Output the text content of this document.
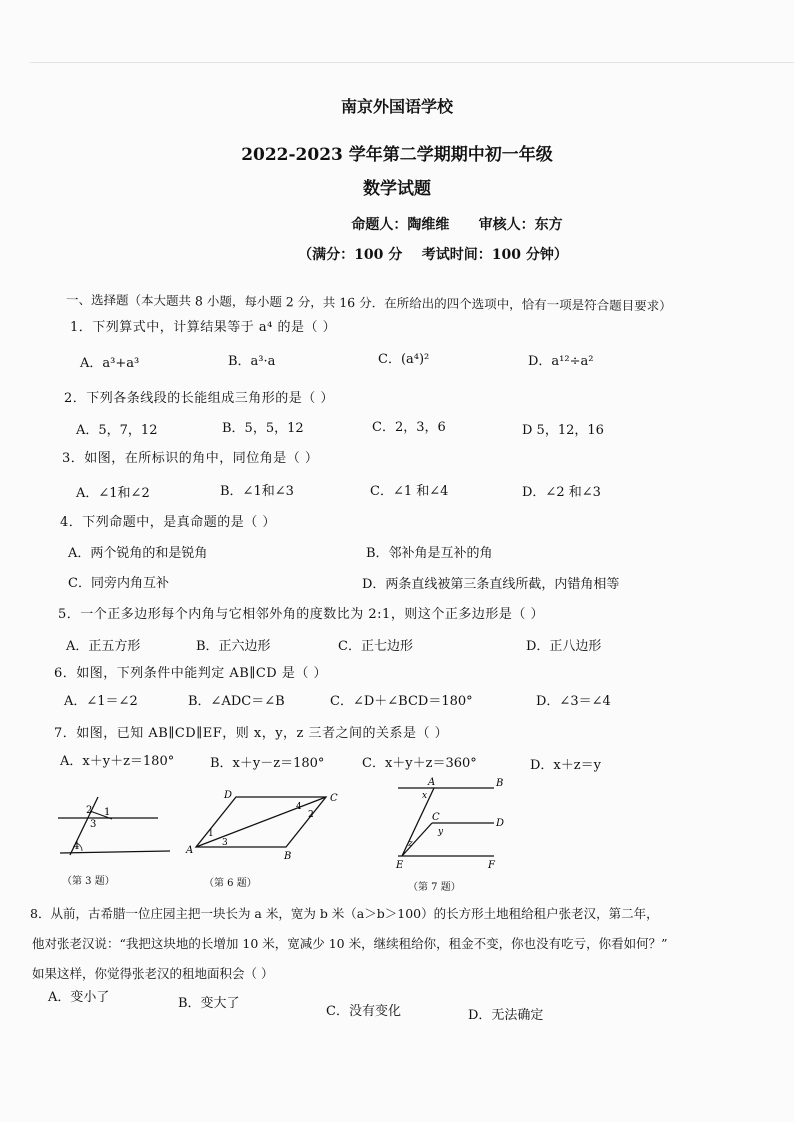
南京外国语学校
2022-2023 学年第二学期期中初一年级
数学试题
命题人：陶维维      审核人：东方
（满分：100 分    考试时间：100 分钟）
一、选择题（本大题共 8 小题，每小题 2 分，共 16 分．在所给出的四个选项中，恰有一项是符合题目要求）
1．下列算式中，计算结果等于 a⁴ 的是（ ）
A．a³+a³	B．a³·a	C．(a⁴)²	D．a¹²÷a²
2．下列各条线段的长能组成三角形的是（ ）
A．5，7，12	B．5，5，12	C．2，3，6	D 5，12，16
3．如图，在所标识的角中，同位角是（ ）
A．∠1和∠2	B．∠1和∠3	C．∠1 和∠4	D．∠2 和∠3
4．下列命题中，是真命题的是（ ）
A．两个锐角的和是锐角	B．邻补角是互补的角
C．同旁内角互补	D．两条直线被第三条直线所截，内错角相等
5．一个正多边形每个内角与它相邻外角的度数比为 2:1，则这个正多边形是（ ）
A．正五方形	B．正六边形	C．正七边形	D．正八边形
6．如图，下列条件中能判定 AB∥CD 是（ ）
A．∠1＝∠2	B．∠ADC＝∠B	C．∠D＋∠BCD＝180°	D．∠3＝∠4
7．如图，已知 AB∥CD∥EF，则 x，y，z 三者之间的关系是（ ）
A．x＋y＋z＝180°	B．x＋y－z＝180°	C．x＋y＋z＝360°	D．x＋z＝y
2 1
3
4
（第 3 题）
D	C
A
B
4
2
1
3
（第 6 题）
A	B
C
D
E	F
x
y
z
（第 7 题）
8．从前，古希腊一位庄园主把一块长为 a 米，宽为 b 米（a＞b＞100）的长方形土地租给租户张老汉，第二年，
他对张老汉说：“我把这块地的长增加 10 米，宽减少 10 米，继续租给你，租金不变，你也没有吃亏，你看如何？”
如果这样，你觉得张老汉的租地面积会（ ）
A．变小了	B．变大了
C．没有变化	D．无法确定
